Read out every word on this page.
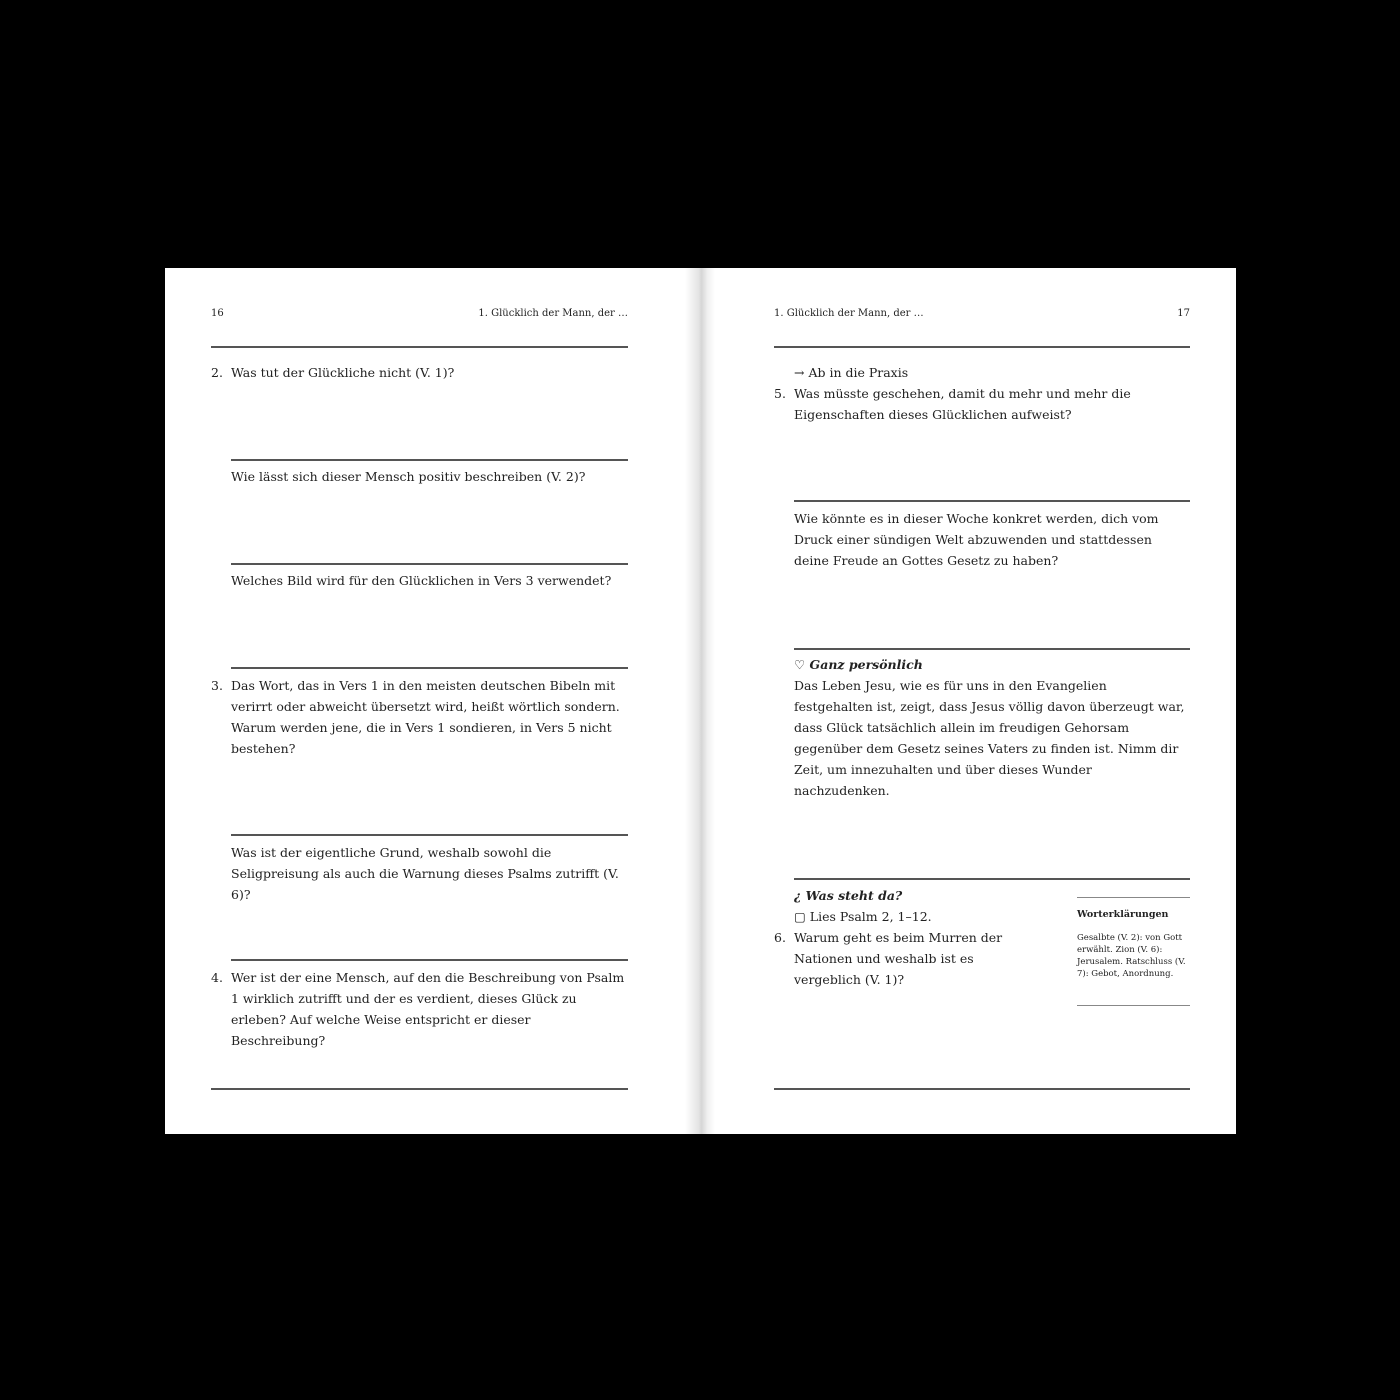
16	1. Glücklich der Mann, der …
2. Was tut der Glückliche nicht (V. 1)?
Wie lässt sich dieser Mensch positiv beschreiben (V. 2)?
Welches Bild wird für den Glücklichen in Vers 3 verwendet?
3. Das Wort, das in Vers 1 in den meisten deutschen Bibeln mit verirrt oder abweicht übersetzt wird, heißt wörtlich sondern. Warum werden jene, die in Vers 1 sondieren, in Vers 5 nicht bestehen?
Was ist der eigentliche Grund, weshalb sowohl die Seligpreisung als auch die Warnung dieses Psalms zutrifft (V. 6)?
4. Wer ist der eine Mensch, auf den die Beschreibung von Psalm 1 wirklich zutrifft und der es verdient, dieses Glück zu erleben? Auf welche Weise entspricht er dieser Beschreibung?
1. Glücklich der Mann, der …	17
→ Ab in die Praxis
5. Was müsste geschehen, damit du mehr und mehr die Eigenschaften dieses Glücklichen aufweist?
Wie könnte es in dieser Woche konkret werden, dich vom Druck einer sündigen Welt abzuwenden und stattdessen deine Freude an Gottes Gesetz zu haben?
♡ Ganz persönlich
Das Leben Jesu, wie es für uns in den Evangelien festgehalten ist, zeigt, dass Jesus völlig davon überzeugt war, dass Glück tatsächlich allein im freudigen Gehorsam gegenüber dem Gesetz seines Vaters zu finden ist. Nimm dir Zeit, um innezuhalten und über dieses Wunder nachzudenken.
¿ Was steht da?
▢ Lies Psalm 2, 1–12.
6. Warum geht es beim Murren der Nationen und weshalb ist es vergeblich (V. 1)?
Worterklärungen
Gesalbte (V. 2): von Gott erwählt. Zion (V. 6): Jerusalem. Ratschluss (V. 7): Gebot, Anordnung.
